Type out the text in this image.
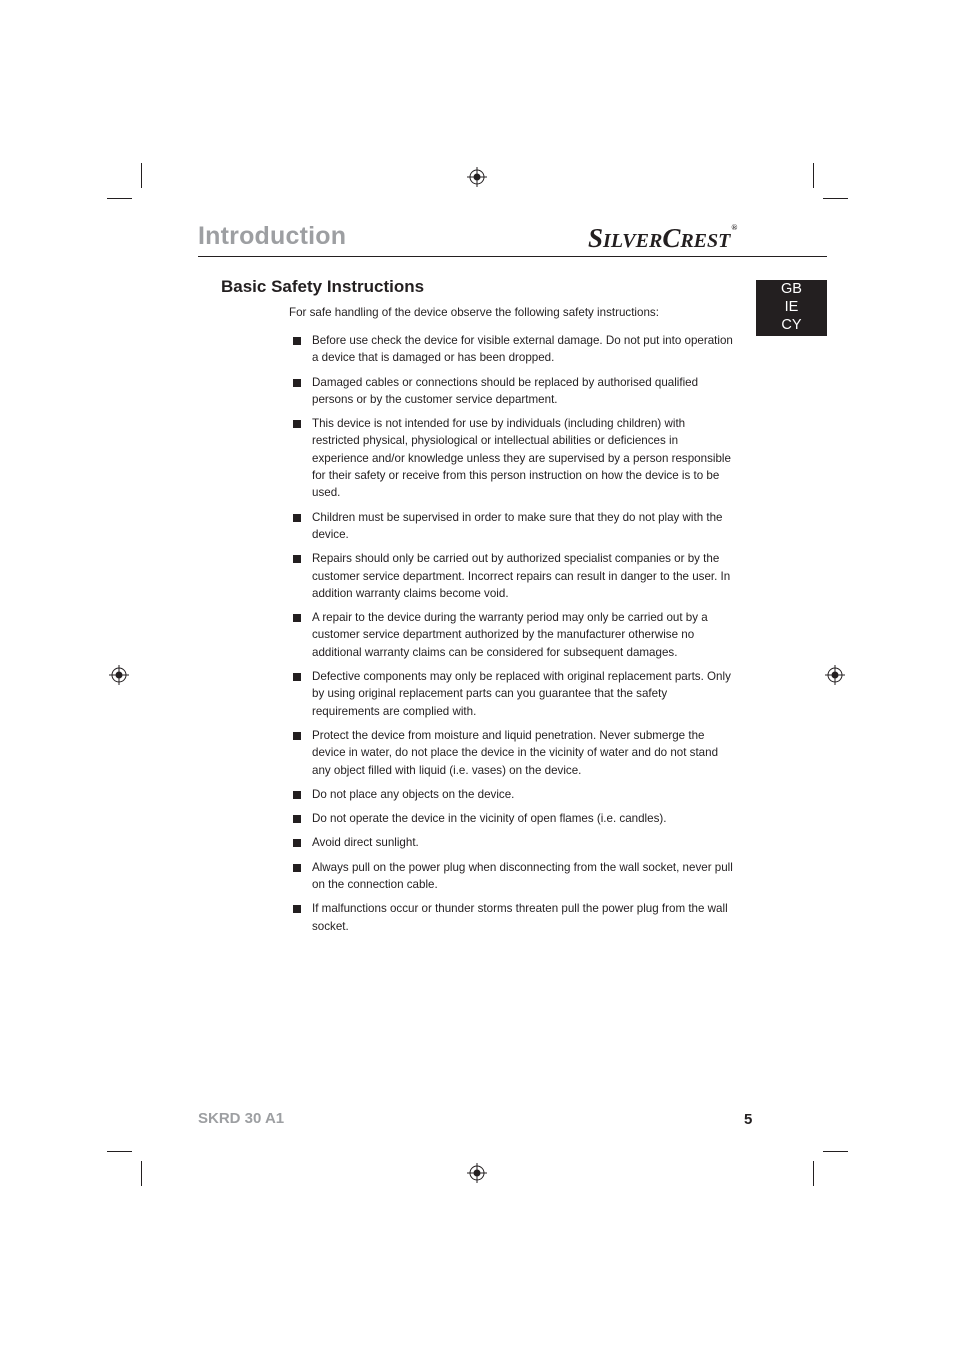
Introduction	SILVERCREST®
GB
IE
CY
Basic Safety Instructions
For safe handling of the device observe the following safety instructions:
Before use check the device for visible external damage. Do not put into operation a device that is damaged or has been dropped.
Damaged cables or connections should be replaced by authorised qualified persons or by the customer service department.
This device is not intended for use by individuals (including children) with restricted physical, physiological or intellectual abilities or deficiences in experience and/or knowledge unless they are supervised by a person responsible for their safety or receive from this person instruction on how the device is to be used.
Children must be supervised in order to make sure that they do not play with the device.
Repairs should only be carried out by authorized specialist companies or by the customer service department. Incorrect repairs can result in danger to the user. In addition warranty claims become void.
A repair to the device during the warranty period may only be carried out by a customer service department authorized by the manufacturer otherwise no additional warranty claims can be considered for subsequent damages.
Defective components may only be replaced with original replacement parts. Only by using original replacement parts can you guarantee that the safety requirements are complied with.
Protect the device from moisture and liquid penetration. Never submerge the device in water, do not place the device in the vicinity of water and do not stand any object filled with liquid (i.e. vases) on the device.
Do not place any objects on the device.
Do not operate the device in the vicinity of open flames (i.e. candles).
Avoid direct sunlight.
Always pull on the power plug when disconnecting from the wall socket, never pull on the connection cable.
If malfunctions occur or thunder storms threaten pull the power plug from the wall socket.
SKRD 30 A1	5
